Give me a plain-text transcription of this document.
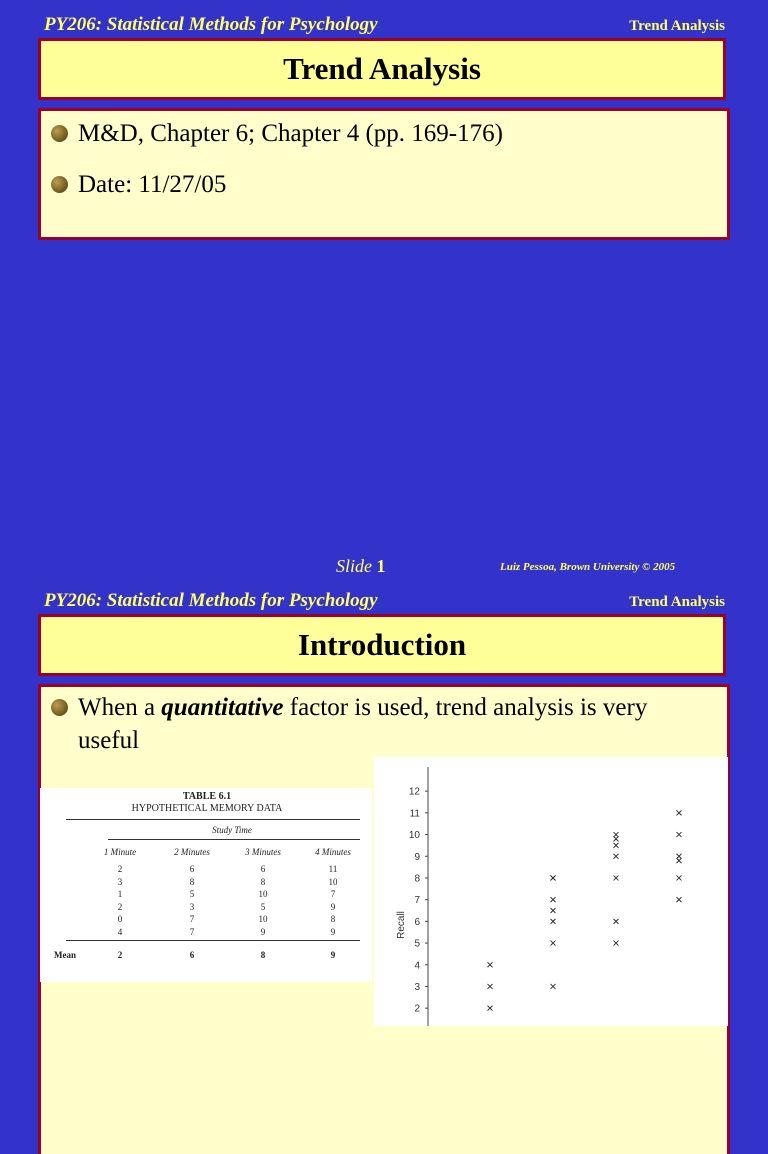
PY206: Statistical Methods for Psychology	Trend Analysis
Trend Analysis
M&D, Chapter 6; Chapter 4 (pp. 169-176)
Date: 11/27/05
Slide 1	Luiz Pessoa, Brown University © 2005
PY206: Statistical Methods for Psychology	Trend Analysis
Introduction
When a quantitative factor is used, trend analysis is very useful
TABLE 6.1
HYPOTHETICAL MEMORY DATA
Study Time
1 Minute	2 Minutes	3 Minutes	4 Minutes
2	6	6	11
3	8	8	10
1	5	10	7
2	3	5	9
0	7	10	8
4	7	9	9
Mean	2	6	8	9
2
3
4
5
6
7
8
9
10
11
12
Recall
